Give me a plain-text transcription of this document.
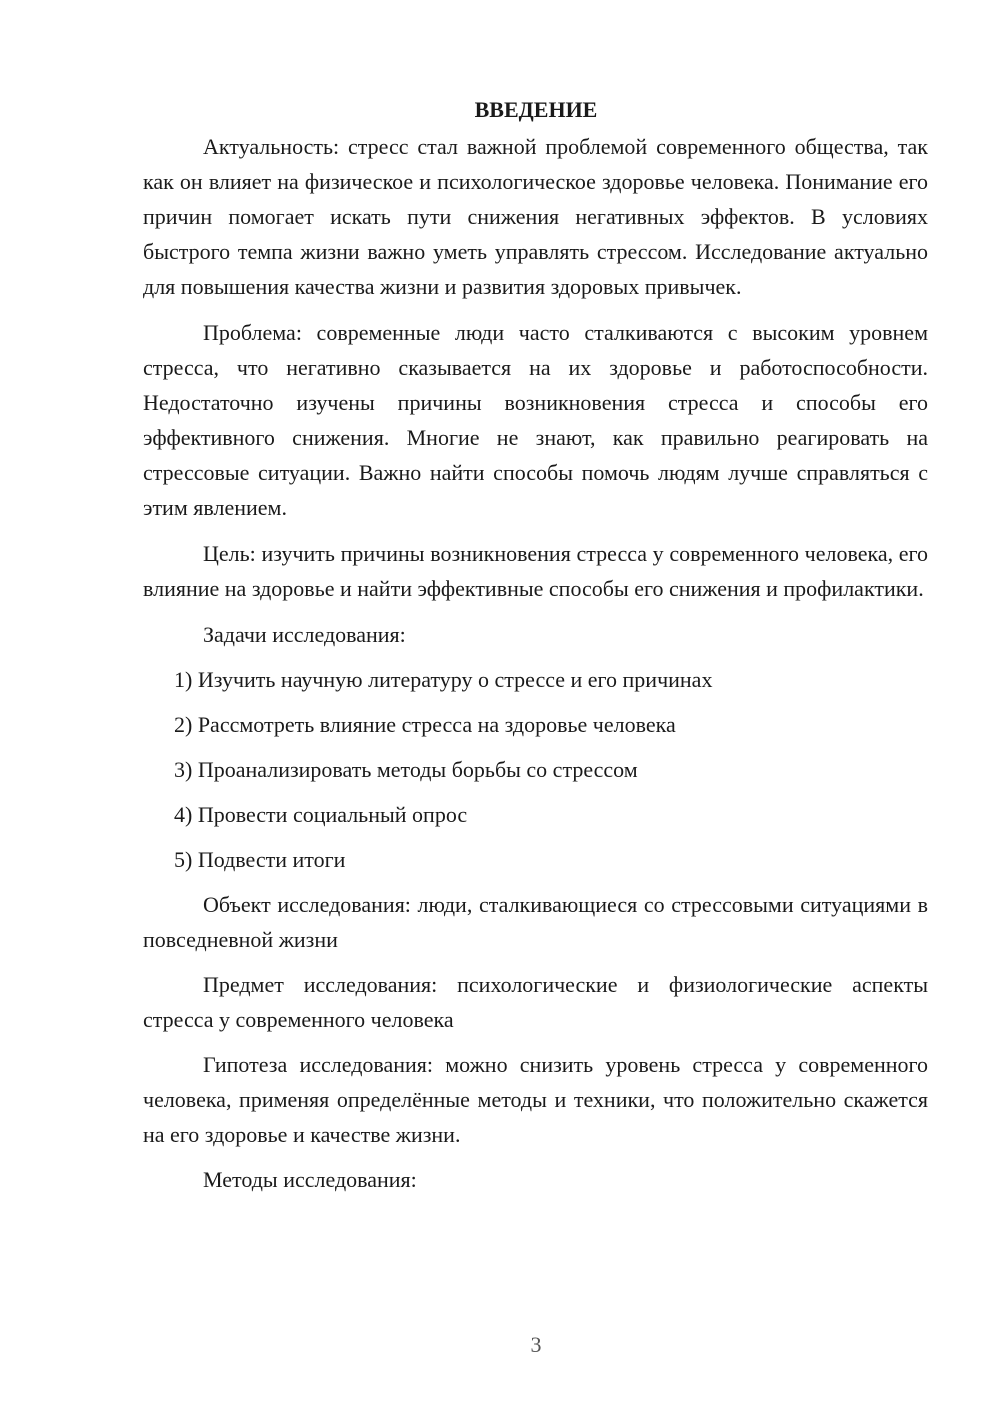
ВВЕДЕНИЕ

Актуальность: стресс стал важной проблемой современного общества, так как он влияет на физическое и психологическое здоровье человека. Понимание его причин помогает искать пути снижения негативных эффектов. В условиях быстрого темпа жизни важно уметь управлять стрессом. Исследование актуально для повышения качества жизни и развития здоровых привычек.

Проблема: современные люди часто сталкиваются с высоким уровнем стресса, что негативно сказывается на их здоровье и работоспособности. Недостаточно изучены причины возникновения стресса и способы его эффективного снижения. Многие не знают, как правильно реагировать на стрессовые ситуации. Важно найти способы помочь людям лучше справляться с этим явлением.

Цель: изучить причины возникновения стресса у современного человека, его влияние на здоровье и найти эффективные способы его снижения и профилактики.

Задачи исследования:

1) Изучить научную литературу о стрессе и его причинах
2) Рассмотреть влияние стресса на здоровье человека
3) Проанализировать методы борьбы со стрессом
4) Провести социальный опрос
5) Подвести итоги

Объект исследования: люди, сталкивающиеся со стрессовыми ситуациями в повседневной жизни

Предмет исследования: психологические и физиологические аспекты стресса у современного человека

Гипотеза исследования: можно снизить уровень стресса у современного человека, применяя определённые методы и техники, что положительно скажется на его здоровье и качестве жизни.

Методы исследования:

3
